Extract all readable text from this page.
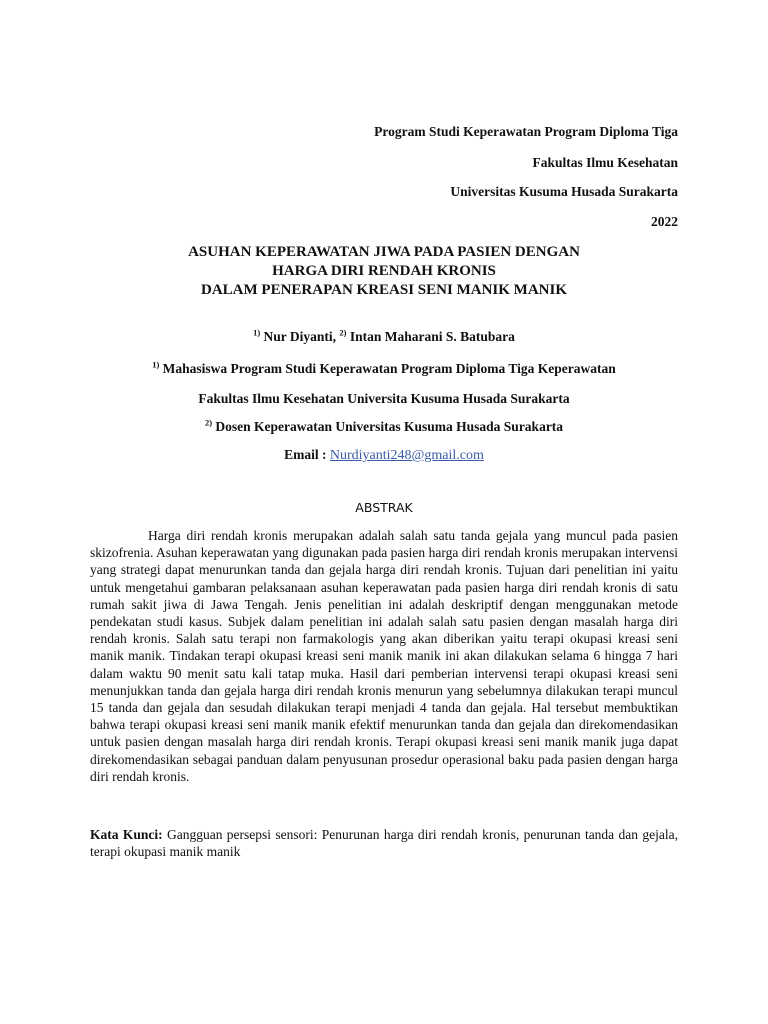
Program Studi Keperawatan Program Diploma Tiga

Fakultas Ilmu Kesehatan

Universitas Kusuma Husada Surakarta

2022

ASUHAN KEPERAWATAN JIWA PADA PASIEN DENGAN
HARGA DIRI RENDAH KRONIS
DALAM PENERAPAN KREASI SENI MANIK MANIK
$^{1)}$ Nur Diyanti, $^{2)}$ Intan Maharani S. Batubara
$^{1)}$ Mahasiswa Program Studi Keperawatan Program Diploma Tiga Keperawatan
Fakultas Ilmu Kesehatan Universita Kusuma Husada Surakarta
$^{2)}$ Dosen Keperawatan Universitas Kusuma Husada Surakarta
Email : Nurdiyanti248@gmail.com
ABSTRAK

Harga diri rendah kronis merupakan adalah salah satu tanda gejala yang muncul pada pasien skizofrenia. Asuhan keperawatan yang digunakan pada pasien harga diri rendah kronis merupakan intervensi yang strategi dapat menurunkan tanda dan gejala harga diri rendah kronis. Tujuan dari penelitian ini yaitu untuk mengetahui gambaran pelaksanaan asuhan keperawatan pada pasien harga diri rendah kronis di satu rumah sakit jiwa di Jawa Tengah. Jenis penelitian ini adalah deskriptif dengan menggunakan metode pendekatan studi kasus. Subjek dalam penelitian ini adalah salah satu pasien dengan masalah harga diri rendah kronis. Salah satu terapi non farmakologis yang akan diberikan yaitu terapi okupasi kreasi seni manik manik. Tindakan terapi okupasi kreasi seni manik manik ini akan dilakukan selama 6 hingga 7 hari dalam waktu 90 menit satu kali tatap muka. Hasil dari pemberian intervensi terapi okupasi kreasi seni menunjukkan tanda dan gejala harga diri rendah kronis menurun yang sebelumnya dilakukan terapi muncul 15 tanda dan gejala dan sesudah dilakukan terapi menjadi 4 tanda dan gejala. Hal tersebut membuktikan bahwa terapi okupasi kreasi seni manik manik efektif menurunkan tanda dan gejala dan direkomendasikan untuk pasien dengan masalah harga diri rendah kronis. Terapi okupasi kreasi seni manik manik juga dapat direkomendasikan sebagai panduan dalam penyusunan prosedur operasional baku pada pasien dengan harga diri rendah kronis.

Kata Kunci: Gangguan persepsi sensori: Penurunan harga diri rendah kronis, penurunan tanda dan gejala, terapi okupasi manik manik
